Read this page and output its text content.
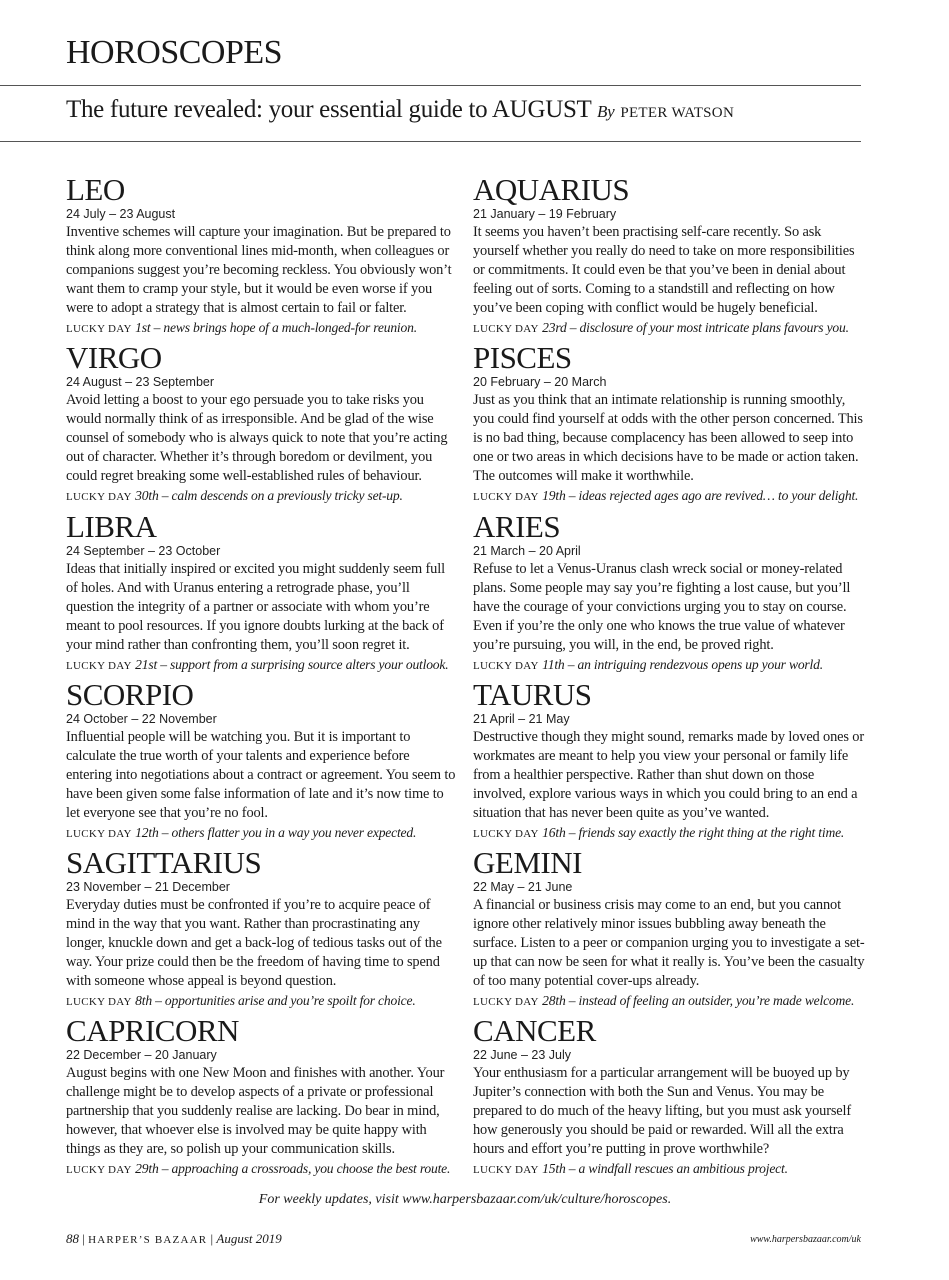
HOROSCOPES
The future revealed: your essential guide to AUGUST By PETER WATSON
LEO

24 July – 23 August

Inventive schemes will capture your imagination. But be prepared to think along more conventional lines mid-month, when colleagues or companions suggest you’re becoming reckless. You obviously won’t want them to cramp your style, but it would be even worse if you were to adopt a strategy that is almost certain to fail or falter.

LUCKY DAY 1st – news brings hope of a much-longed-for reunion.

VIRGO

24 August – 23 September

Avoid letting a boost to your ego persuade you to take risks you would normally think of as irresponsible. And be glad of the wise counsel of somebody who is always quick to note that you’re acting out of character. Whether it’s through boredom or devilment, you could regret breaking some well-established rules of behaviour.

LUCKY DAY 30th – calm descends on a previously tricky set-up.

LIBRA

24 September – 23 October

Ideas that initially inspired or excited you might suddenly seem full of holes. And with Uranus entering a retrograde phase, you’ll question the integrity of a partner or associate with whom you’re meant to pool resources. If you ignore doubts lurking at the back of your mind rather than confronting them, you’ll soon regret it.

LUCKY DAY 21st – support from a surprising source alters your outlook.

SCORPIO

24 October – 22 November

Influential people will be watching you. But it is important to calculate the true worth of your talents and experience before entering into negotiations about a contract or agreement. You seem to have been given some false information of late and it’s now time to let everyone see that you’re no fool.

LUCKY DAY 12th – others flatter you in a way you never expected.

SAGITTARIUS

23 November – 21 December

Everyday duties must be confronted if you’re to acquire peace of mind in the way that you want. Rather than procrastinating any longer, knuckle down and get a back-log of tedious tasks out of the way. Your prize could then be the freedom of having time to spend with someone whose appeal is beyond question.

LUCKY DAY 8th – opportunities arise and you’re spoilt for choice.

CAPRICORN

22 December – 20 January

August begins with one New Moon and finishes with another. Your challenge might be to develop aspects of a private or professional partnership that you suddenly realise are lacking. Do bear in mind, however, that whoever else is involved may be quite happy with things as they are, so polish up your communication skills.

LUCKY DAY 29th – approaching a crossroads, you choose the best route.

AQUARIUS

21 January – 19 February

It seems you haven’t been practising self-care recently. So ask yourself whether you really do need to take on more responsibilities or commitments. It could even be that you’ve been in denial about feeling out of sorts. Coming to a standstill and reflecting on how you’ve been coping with conflict would be hugely beneficial.

LUCKY DAY 23rd – disclosure of your most intricate plans favours you.

PISCES

20 February – 20 March

Just as you think that an intimate relationship is running smoothly, you could find yourself at odds with the other person concerned. This is no bad thing, because complacency has been allowed to seep into one or two areas in which decisions have to be made or action taken. The outcomes will make it worthwhile.

LUCKY DAY 19th – ideas rejected ages ago are revived… to your delight.

ARIES

21 March – 20 April

Refuse to let a Venus-Uranus clash wreck social or money-related plans. Some people may say you’re fighting a lost cause, but you’ll have the courage of your convictions urging you to stay on course. Even if you’re the only one who knows the true value of whatever you’re pursuing, you will, in the end, be proved right.

LUCKY DAY 11th – an intriguing rendezvous opens up your world.

TAURUS

21 April – 21 May

Destructive though they might sound, remarks made by loved ones or workmates are meant to help you view your personal or family life from a healthier perspective. Rather than shut down on those involved, explore various ways in which you could bring to an end a situation that has never been quite as you’ve wanted.

LUCKY DAY 16th – friends say exactly the right thing at the right time.

GEMINI

22 May – 21 June

A financial or business crisis may come to an end, but you cannot ignore other relatively minor issues bubbling away beneath the surface. Listen to a peer or companion urging you to investigate a set-up that can now be seen for what it really is. You’ve been the casualty of too many potential cover-ups already.

LUCKY DAY 28th – instead of feeling an outsider, you’re made welcome.

CANCER

22 June – 23 July

Your enthusiasm for a particular arrangement will be buoyed up by Jupiter’s connection with both the Sun and Venus. You may be prepared to do much of the heavy lifting, but you must ask yourself how generously you should be paid or rewarded. Will all the extra hours and effort you’re putting in prove worthwhile?

LUCKY DAY 15th – a windfall rescues an ambitious project.

For weekly updates, visit www.harpersbazaar.com/uk/culture/horoscopes.
88 | HARPER’S BAZAAR | August 2019	www.harpersbazaar.com/uk
